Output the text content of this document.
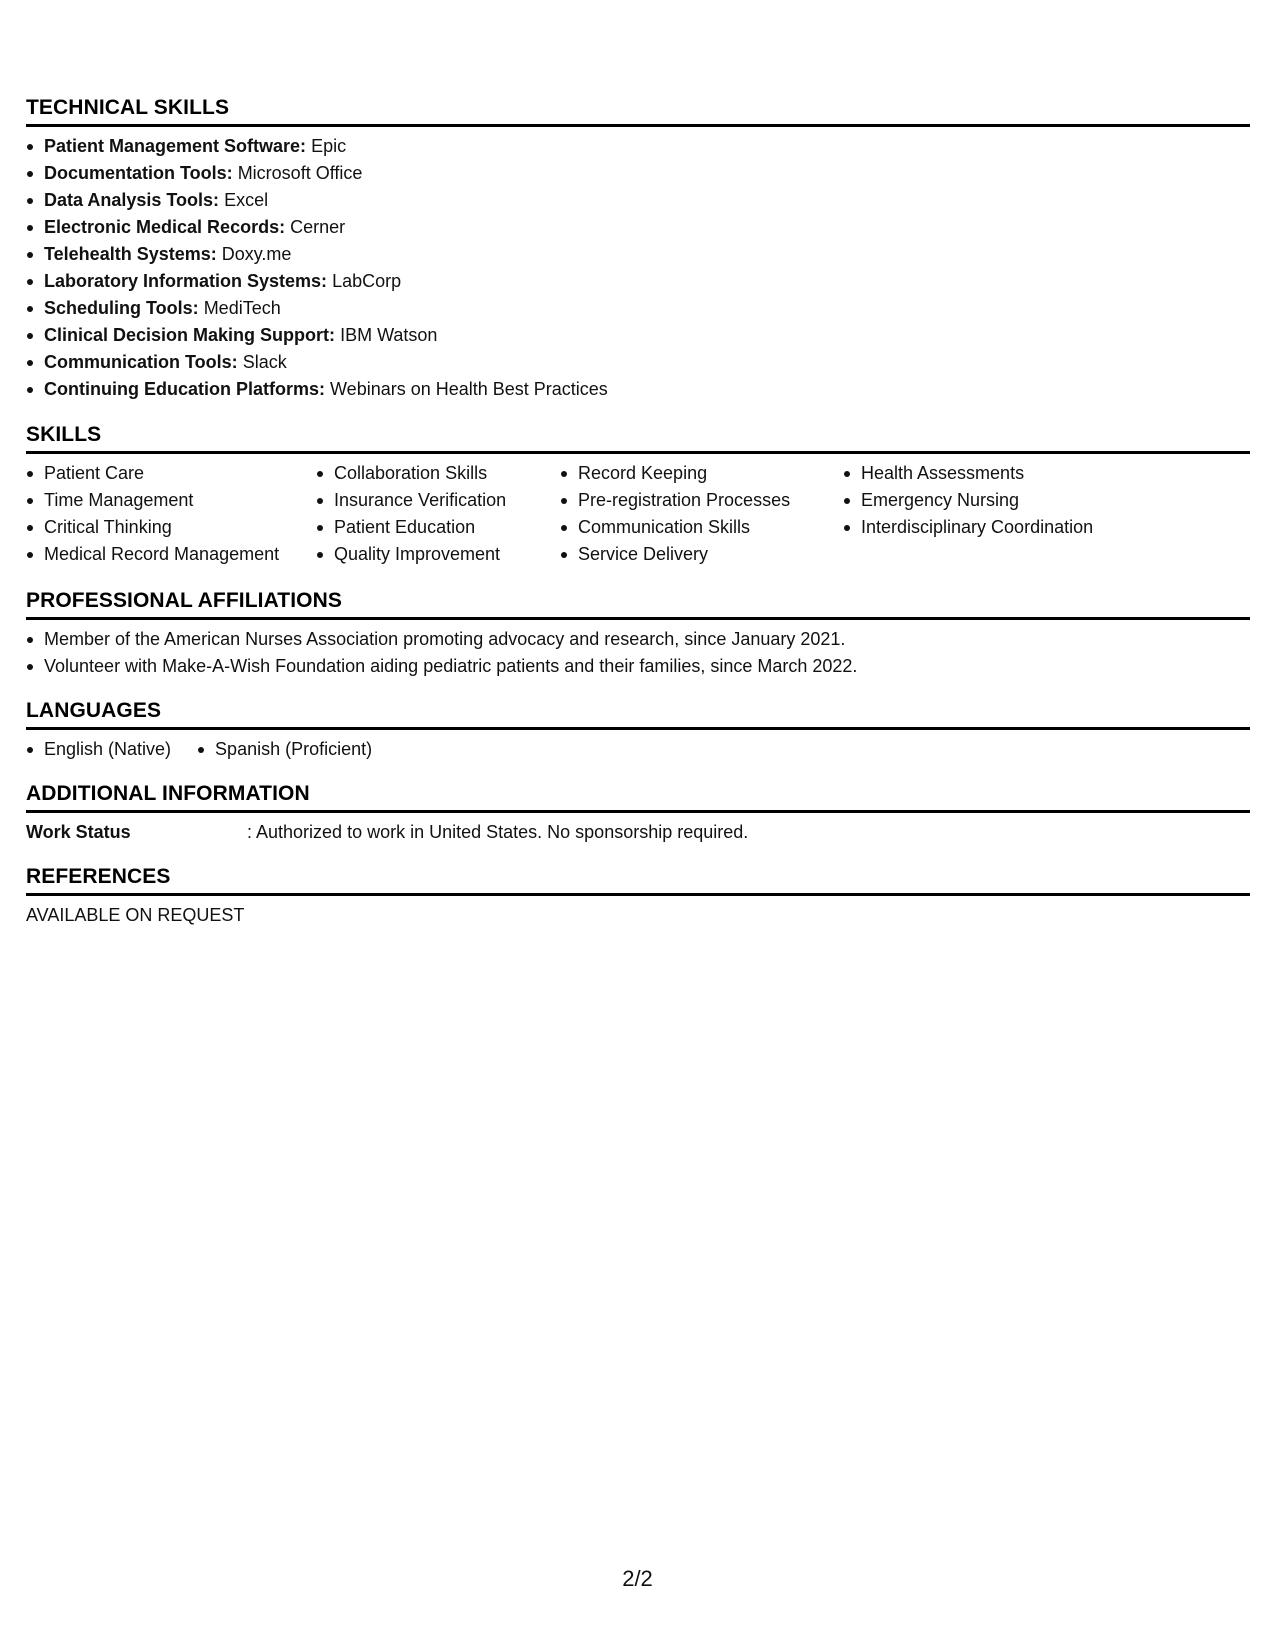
TECHNICAL SKILLS
Patient Management Software: Epic
Documentation Tools: Microsoft Office
Data Analysis Tools: Excel
Electronic Medical Records: Cerner
Telehealth Systems: Doxy.me
Laboratory Information Systems: LabCorp
Scheduling Tools: MediTech
Clinical Decision Making Support: IBM Watson
Communication Tools: Slack
Continuing Education Platforms: Webinars on Health Best Practices
SKILLS
Patient Care
Time Management
Critical Thinking
Medical Record Management
Collaboration Skills
Insurance Verification
Patient Education
Quality Improvement
Record Keeping
Pre-registration Processes
Communication Skills
Service Delivery
Health Assessments
Emergency Nursing
Interdisciplinary Coordination
PROFESSIONAL AFFILIATIONS
Member of the American Nurses Association promoting advocacy and research, since January 2021.
Volunteer with Make-A-Wish Foundation aiding pediatric patients and their families, since March 2022.
LANGUAGES
English (Native) Spanish (Proficient)
ADDITIONAL INFORMATION
Work Status	: Authorized to work in United States. No sponsorship required.
REFERENCES
AVAILABLE ON REQUEST
2/2
